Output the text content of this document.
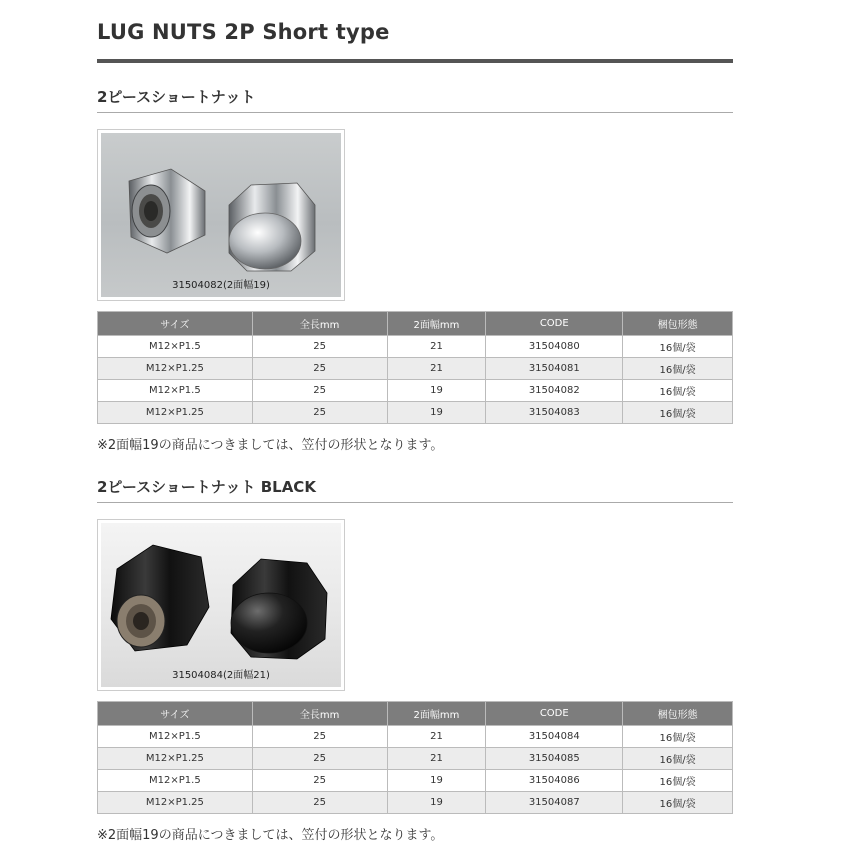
LUG NUTS 2P Short type
2ピースショートナット
31504082(2面幅19)
サイズ	全長mm	2面幅mm	CODE	梱包形態
M12×P1.5	25	21	31504080	16個/袋
M12×P1.25	25	21	31504081	16個/袋
M12×P1.5	25	19	31504082	16個/袋
M12×P1.25	25	19	31504083	16個/袋
※2面幅19の商品につきましては、笠付の形状となります。
2ピースショートナット BLACK
31504084(2面幅21)
サイズ	全長mm	2面幅mm	CODE	梱包形態
M12×P1.5	25	21	31504084	16個/袋
M12×P1.25	25	21	31504085	16個/袋
M12×P1.5	25	19	31504086	16個/袋
M12×P1.25	25	19	31504087	16個/袋
※2面幅19の商品につきましては、笠付の形状となります。
